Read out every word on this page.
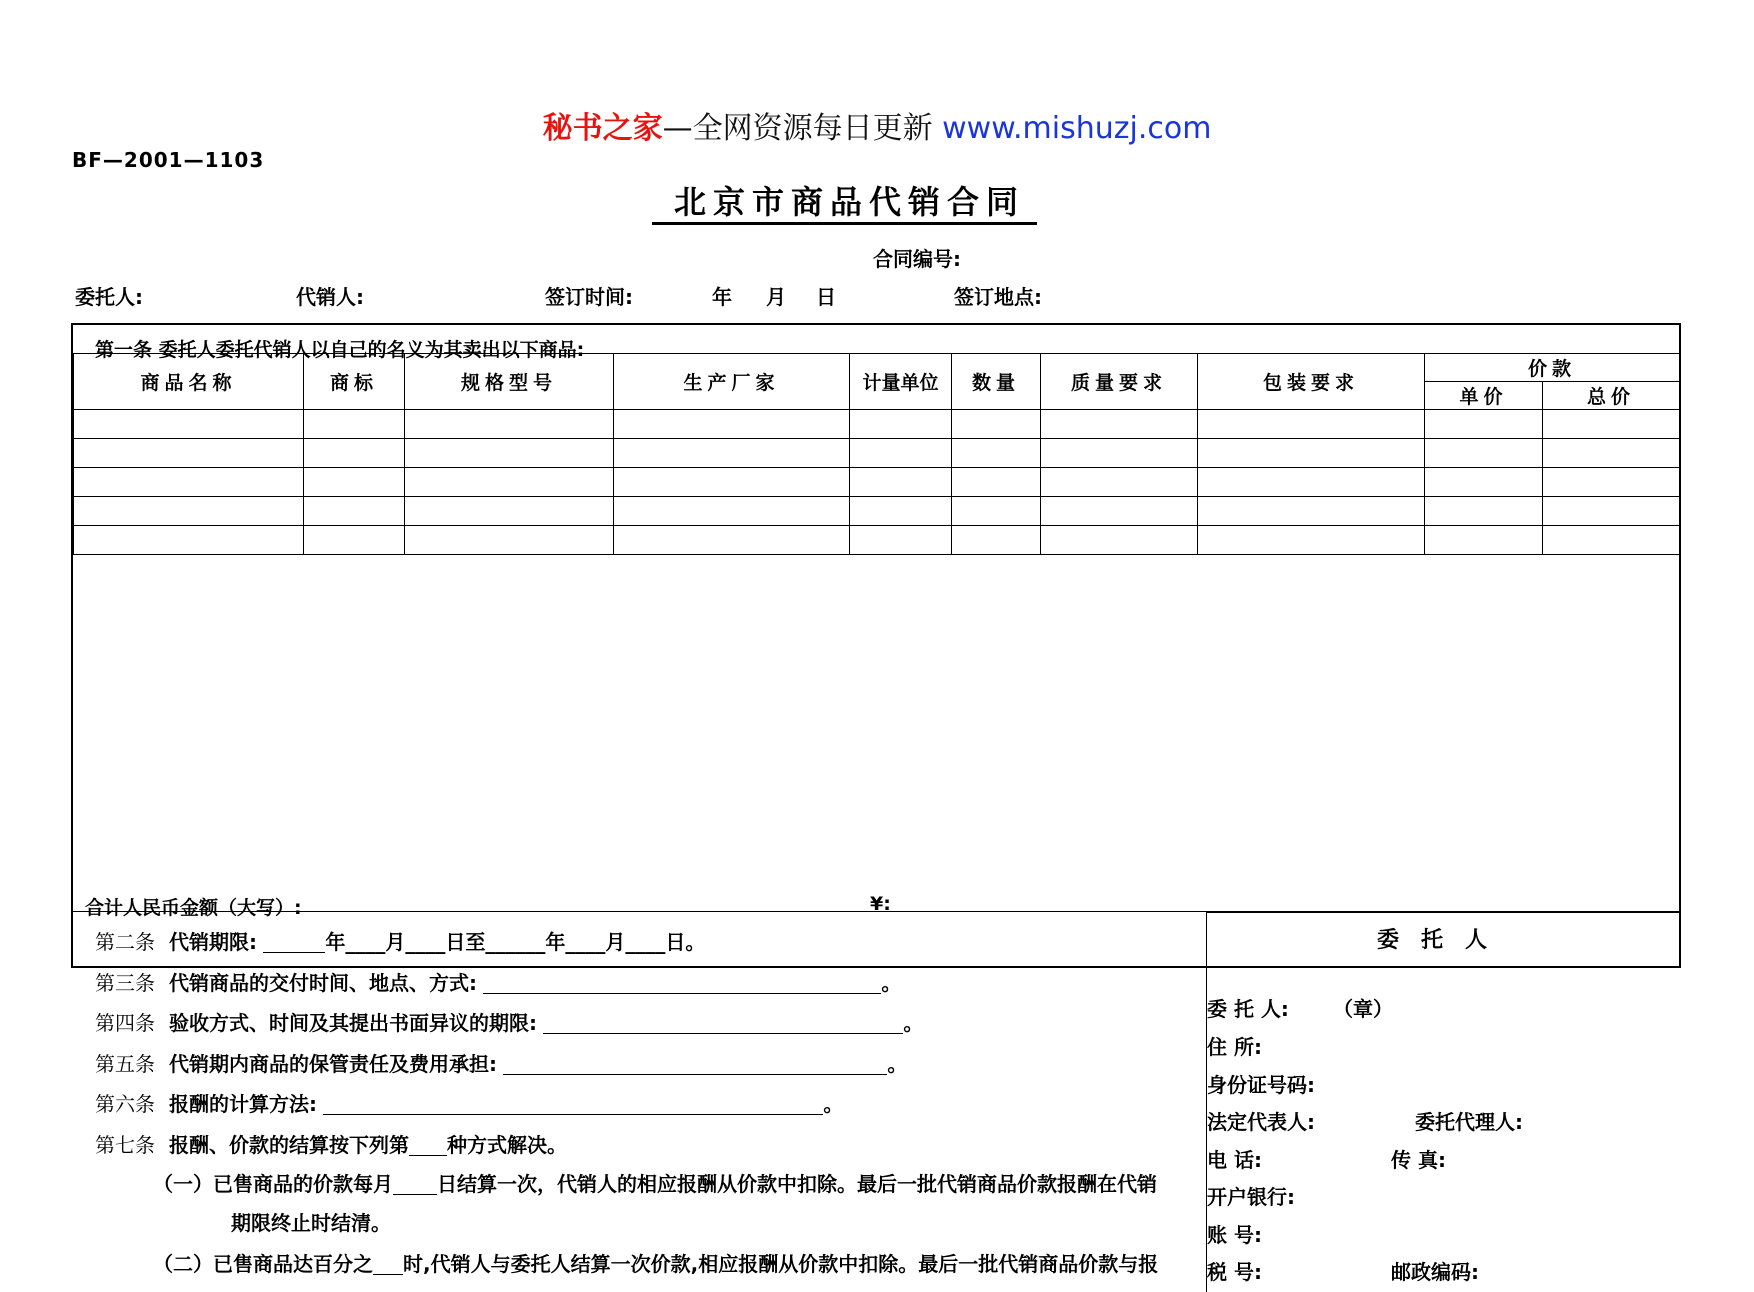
秘书之家—全网资源每日更新 www.mishuzj.com
BF—2001—1103
北京市商品代销合同
合同编号:
委托人:	代销人:	签订时间:	年 月 日	签订地点:
第一条 委托人委托代销人以自己的名义为其卖出以下商品:
商品名称	商标	规格型号	生产厂家	计量单位	数量	质量要求	包装要求	价款	
								单价	总价

合计人民币金额（大写）:	¥:
第二条 代销期限:	年____月____日至______年____月____日。
第三条 代销商品的交付时间、地点、方式:	。
第四条 验收方式、时间及其提出书面异议的期限:	。
第五条 代销期内商品的保管责任及费用承担:	。
第六条 报酬的计算方法:	。
第七条 报酬、价款的结算按下列第 种方式解决。
（一）已售商品的价款每月 日结算一次，代销人的相应报酬从价款中扣除。最后一批代销商品价款报酬在代销
期限终止时结清。
（二）已售商品达百分之 时,代销人与委托人结算一次价款,相应报酬从价款中扣除。最后一批代销商品价款与报
委托人
委 托 人: （章）
住 所:
身份证号码:
法定代表人:	委托代理人:
电 话:	传 真:
开户银行:
账 号:
税 号:	邮政编码:
